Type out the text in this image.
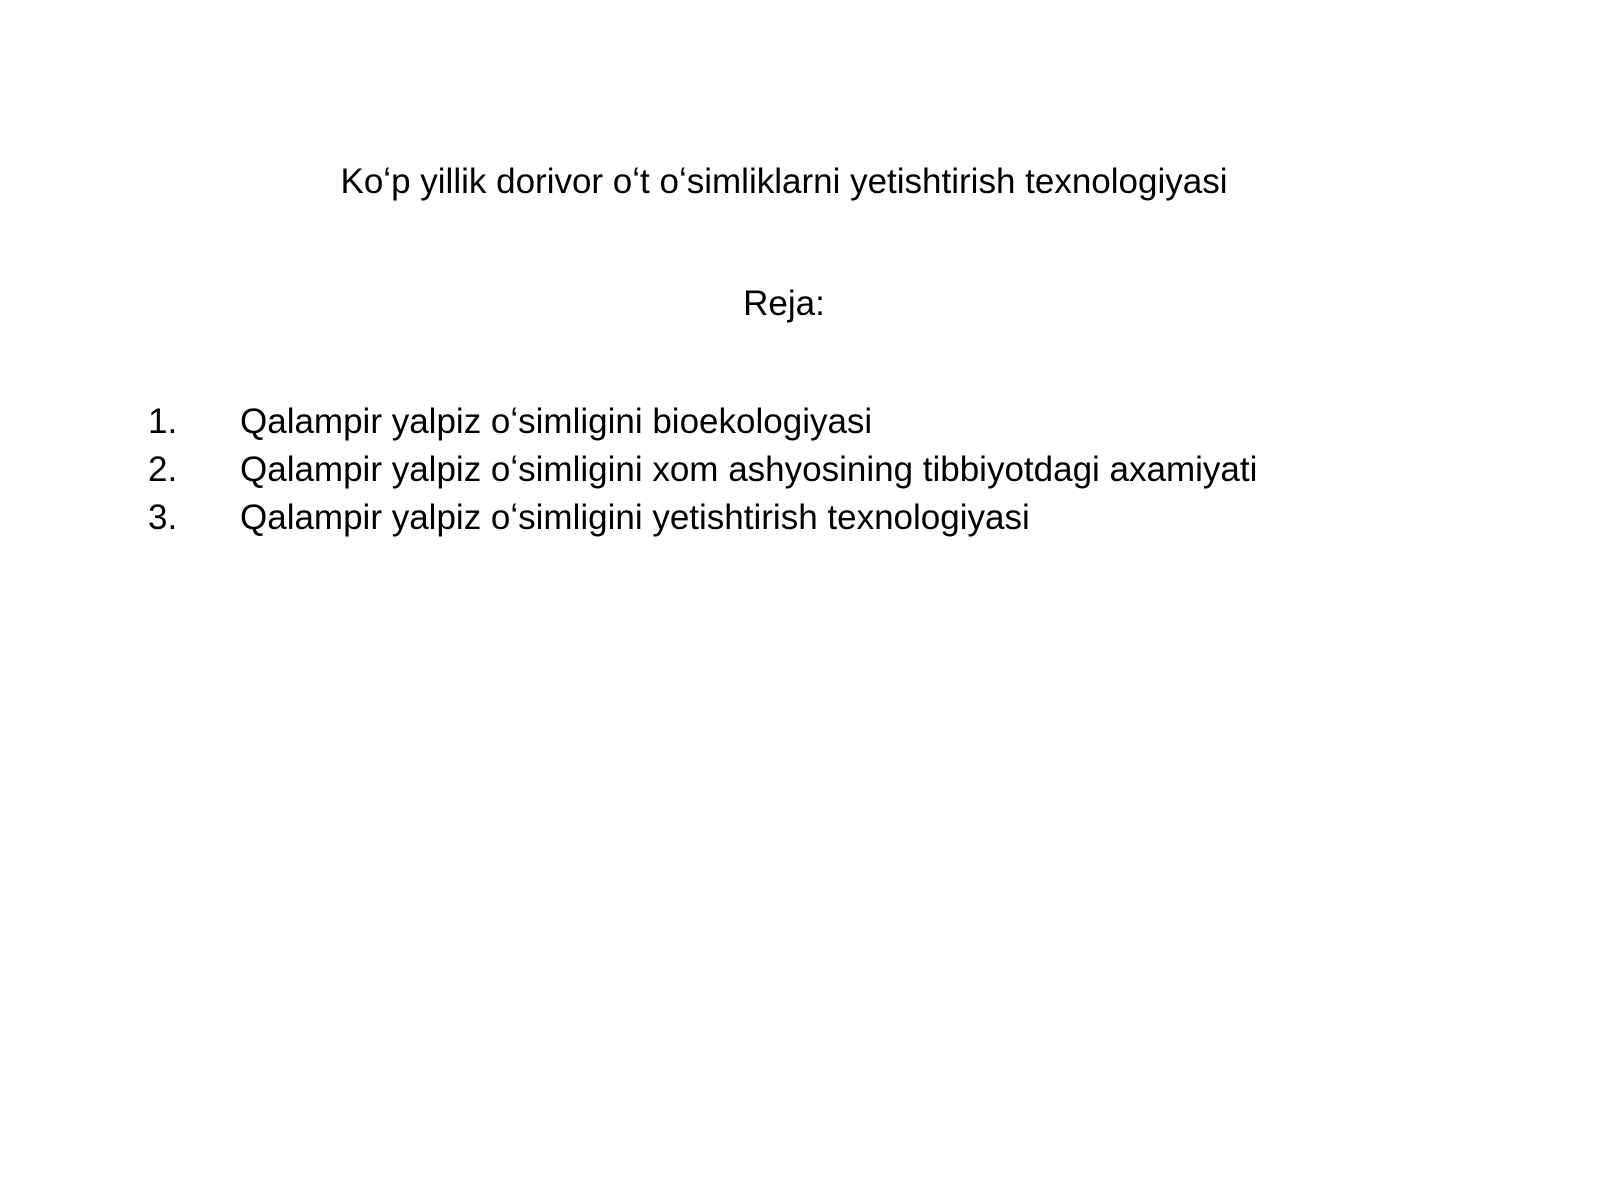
Koʻp yillik dorivor oʻt oʻsimliklarni yetishtirish texnologiyasi
Reja:
1.	Qalampir yalpiz oʻsimligini bioekologiyasi
2.	Qalampir yalpiz oʻsimligini xom ashyosining tibbiyotdagi axamiyati
3.	Qalampir yalpiz oʻsimligini yetishtirish texnologiyasi
